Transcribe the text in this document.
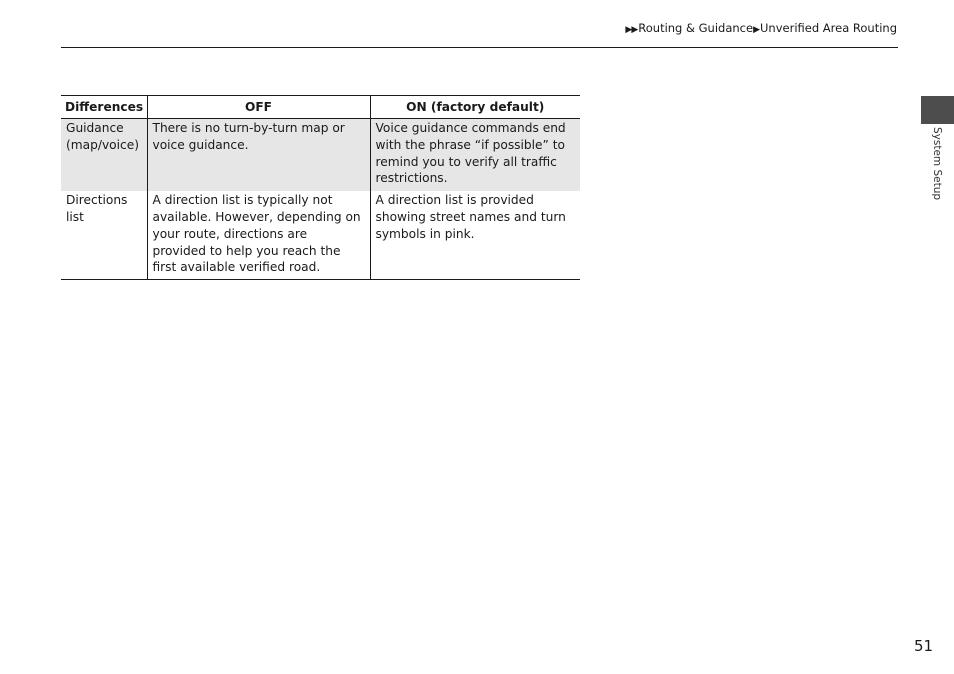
▶▶Routing & Guidance▶Unverified Area Routing
System Setup
Differences	OFF	ON (factory default)
Guidance (map/voice)	There is no turn-by-turn map or voice guidance.	Voice guidance commands end with the phrase “if possible” to remind you to verify all traffic restrictions.
Directions list	A direction list is typically not available. However, depending on your route, directions are provided to help you reach the first available verified road.	A direction list is provided showing street names and turn symbols in pink.
51
